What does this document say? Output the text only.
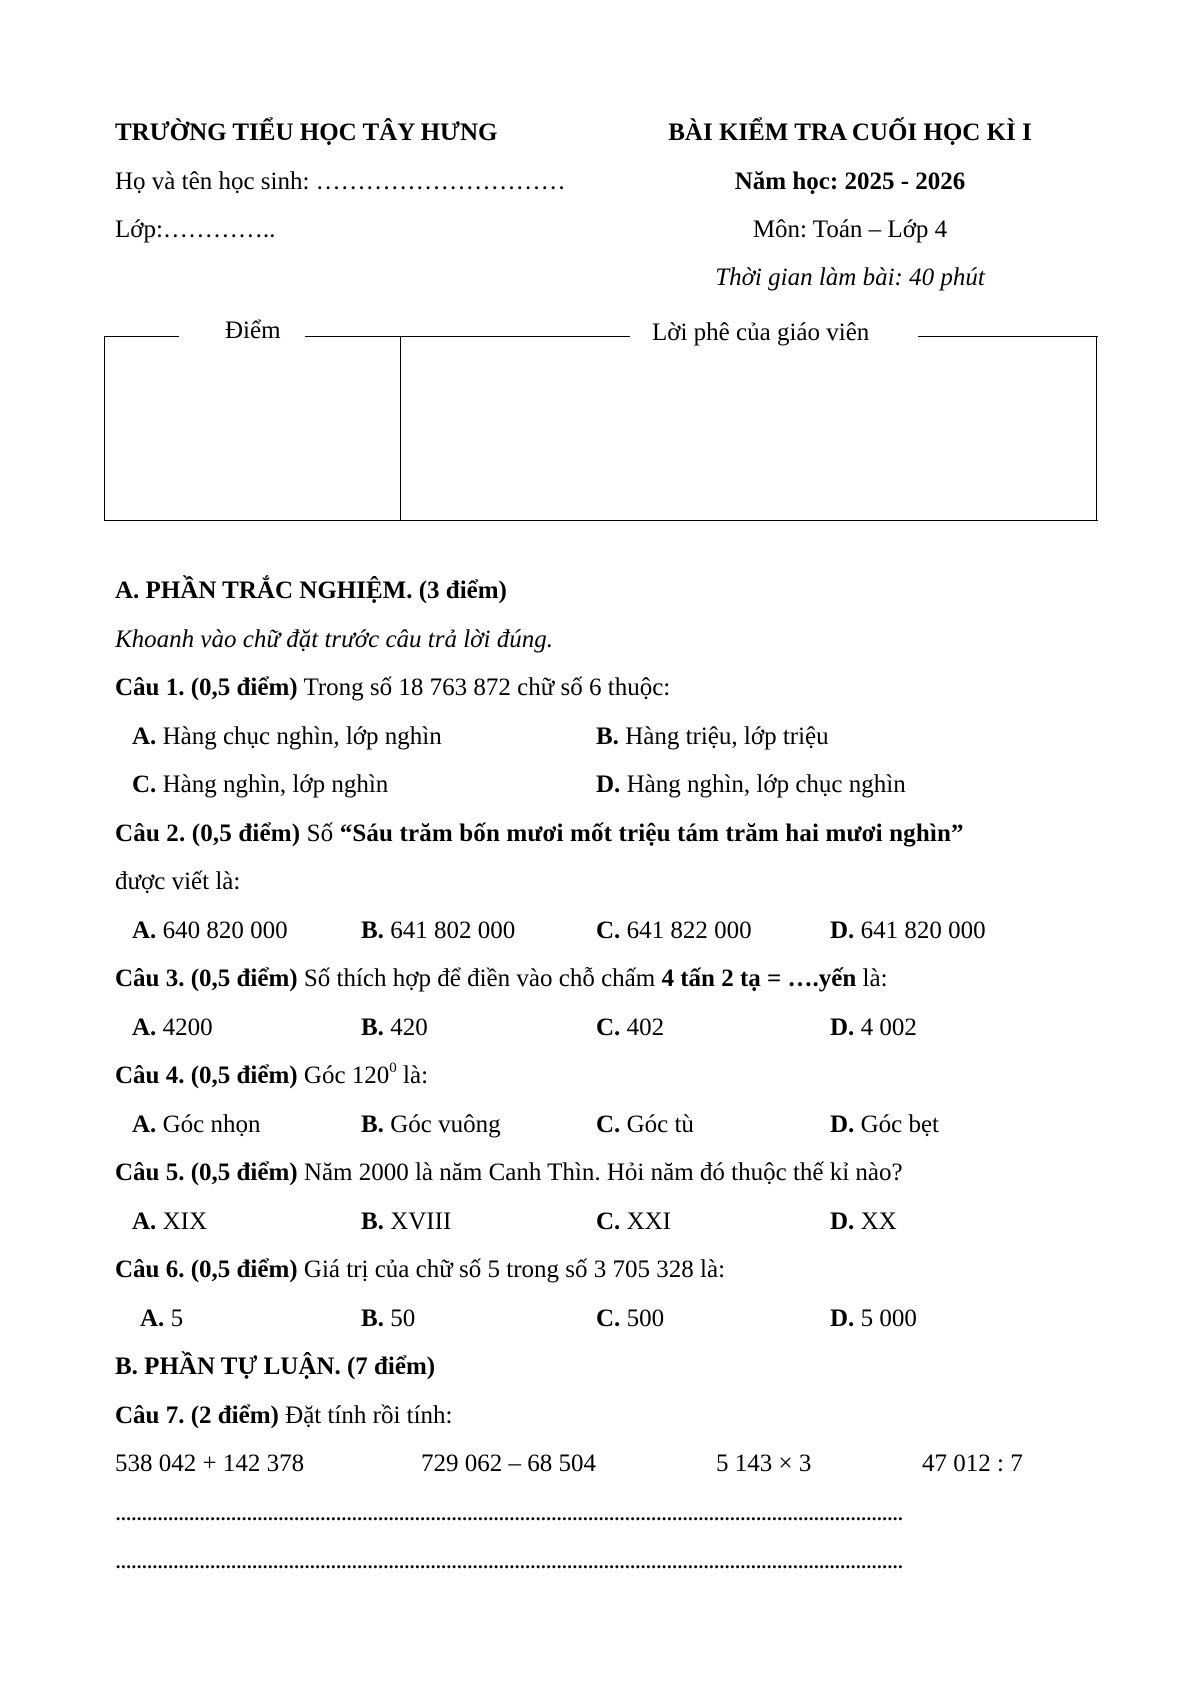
TRƯỜNG TIỂU HỌC TÂY HƯNG	BÀI KIỂM TRA CUỐI HỌC KÌ I
Họ và tên học sinh: …………………………	Năm học: 2025 - 2026
Lớp:…………..	Môn: Toán – Lớp 4
Thời gian làm bài: 40 phút
Điểm	Lời phê của giáo viên
A. PHẦN TRẮC NGHIỆM. (3 điểm)
Khoanh vào chữ đặt trước câu trả lời đúng.
Câu 1. (0,5 điểm) Trong số 18 763 872 chữ số 6 thuộc:
A. Hàng chục nghìn, lớp nghìn	B. Hàng triệu, lớp triệu
C. Hàng nghìn, lớp nghìn	D. Hàng nghìn, lớp chục nghìn
Câu 2. (0,5 điểm) Số “Sáu trăm bốn mươi mốt triệu tám trăm hai mươi nghìn”
được viết là:
A. 640 820 000	B. 641 802 000	C. 641 822 000	D. 641 820 000
Câu 3. (0,5 điểm) Số thích hợp để điền vào chỗ chấm 4 tấn 2 tạ = ….yến là:
A. 4200	B. 420	C. 402	D. 4 002
Câu 4. (0,5 điểm) Góc $120^0$ là:
A. Góc nhọn	B. Góc vuông	C. Góc tù	D. Góc bẹt
Câu 5. (0,5 điểm) Năm 2000 là năm Canh Thìn. Hỏi năm đó thuộc thế kỉ nào?
A. XIX	B. XVIII	C. XXI	D. XX
Câu 6. (0,5 điểm) Giá trị của chữ số 5 trong số 3 705 328 là:
A. 5	B. 50	C. 500	D. 5 000
B. PHẦN TỰ LUẬN. (7 điểm)
Câu 7. (2 điểm) Đặt tính rồi tính:
538 042 + 142 378	729 062 – 68 504	5 143 × 3	47 012 : 7
......................................................................................................................................................
......................................................................................................................................................
